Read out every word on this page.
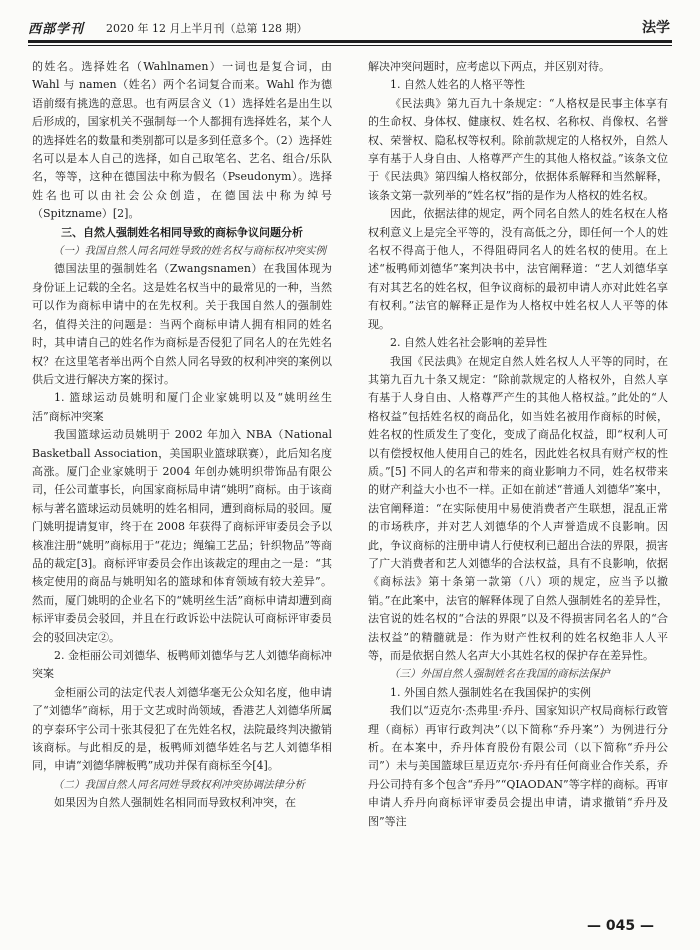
西部学刊 2020 年 12 月上半月刊（总第 128 期）	法学

的姓名。选择姓名（Wahlnamen）一词也是复合词，由 Wahl 与 namen（姓名）两个名词复合而来。Wahl 作为德语前缀有挑选的意思。也有两层含义（1）选择姓名是出生以后形成的，国家机关不强制每一个人都拥有选择姓名，某个人的选择姓名的数量和类别都可以是多到任意多个。（2）选择姓名可以是本人自己的选择，如自己取笔名、艺名、组合/乐队名，等等，这种在德国法中称为假名（Pseudonym）。选择姓名也可以由社会公众创造，在德国法中称为绰号（Spitzname）[2]。

三、自然人强制姓名相同导致的商标争议问题分析

（一）我国自然人同名同姓导致的姓名权与商标权冲突实例

德国法里的强制姓名（Zwangsnamen）在我国体现为身份证上记载的全名。这是姓名权当中的最常见的一种，当然可以作为商标申请中的在先权利。关于我国自然人的强制姓名，值得关注的问题是：当两个商标申请人拥有相同的姓名时，其申请自己的姓名作为商标是否侵犯了同名人的在先姓名权？在这里笔者举出两个自然人同名导致的权利冲突的案例以供后文进行解决方案的探讨。

1. 篮球运动员姚明和厦门企业家姚明以及“姚明丝生活”商标冲突案

我国篮球运动员姚明于 2002 年加入 NBA（National Basketball Association，美国职业篮球联赛），此后知名度高涨。厦门企业家姚明于 2004 年创办姚明织带饰品有限公司，任公司董事长，向国家商标局申请“姚明”商标。由于该商标与著名篮球运动员姚明的姓名相同，遭到商标局的驳回。厦门姚明提请复审，终于在 2008 年获得了商标评审委员会予以核准注册“姚明”商标用于“花边；绳编工艺品；针织物品”等商品的裁定[3]。商标评审委员会作出该裁定的理由之一是：“其核定使用的商品与姚明知名的篮球和体育领域有较大差异”。然而，厦门姚明的企业名下的“姚明丝生活”商标申请却遭到商标评审委员会驳回，并且在行政诉讼中法院认可商标评审委员会的驳回决定②。

2. 金柜丽公司刘德华、板鸭师刘德华与艺人刘德华商标冲突案

金柜丽公司的法定代表人刘德华毫无公众知名度，他申请了“刘德华”商标，用于文艺或时尚领域，香港艺人刘德华所属的亨泰环宇公司十张其侵犯了在先姓名权，法院最终判决撤销该商标。与此相反的是，板鸭师刘德华姓名与艺人刘德华相同，申请“刘德华牌板鸭”成功并保有商标至今[4]。

（二）我国自然人同名同姓导致权利冲突协调法律分析

如果因为自然人强制姓名相同而导致权利冲突，在

解决冲突问题时，应考虑以下两点，并区别对待。

1. 自然人姓名的人格平等性

《民法典》第九百九十条规定：“人格权是民事主体享有的生命权、身体权、健康权、姓名权、名称权、肖像权、名誉权、荣誉权、隐私权等权利。除前款规定的人格权外，自然人享有基于人身自由、人格尊严产生的其他人格权益。”该条文位于《民法典》第四编人格权部分，依据体系解释和当然解释，该条文第一款列举的“姓名权”指的是作为人格权的姓名权。

因此，依据法律的规定，两个同名自然人的姓名权在人格权利意义上是完全平等的，没有高低之分，即任何一个人的姓名权不得高于他人，不得阻碍同名人的姓名权的使用。在上述“板鸭师刘德华”案判决书中，法官阐释道：“艺人刘德华享有对其艺名的姓名权，但争议商标的最初申请人亦对此姓名享有权利。”法官的解释正是作为人格权中姓名权人人平等的体现。

2. 自然人姓名社会影响的差异性

我国《民法典》在规定自然人姓名权人人平等的同时，在其第九百九十条又规定：“除前款规定的人格权外，自然人享有基于人身自由、人格尊严产生的其他人格权益。”此处的“人格权益”包括姓名权的商品化，如当姓名被用作商标的时候，姓名权的性质发生了变化，变成了商品化权益，即“权利人可以有偿授权他人使用自己的姓名，因此姓名权具有财产权的性质。”[5] 不同人的名声和带来的商业影响力不同，姓名权带来的财产利益大小也不一样。正如在前述“普通人刘德华”案中，法官阐释道：“在实际使用中易使消费者产生联想，混乱正常的市场秩序，并对艺人刘德华的个人声誉造成不良影响。因此，争议商标的注册申请人行使权利已超出合法的界限，损害了广大消费者和艺人刘德华的合法权益，具有不良影响，依据《商标法》第十条第一款第（八）项的规定，应当予以撤销。”在此案中，法官的解释体现了自然人强制姓名的差异性，法官说的姓名权的“合法的界限”以及不得损害同名名人的“合法权益”的精髓就是：作为财产性权利的姓名权绝非人人平等，而是依据自然人名声大小其姓名权的保护存在差异性。

（三）外国自然人强制姓名在我国的商标法保护

1. 外国自然人强制姓名在我国保护的实例

我们以“迈克尔·杰弗里·乔丹、国家知识产权局商标行政管理（商标）再审行政判决”（以下简称“乔丹案”）为例进行分析。在本案中，乔丹体育股份有限公司（以下简称“乔丹公司”）未与美国篮球巨星迈克尔·乔丹有任何商业合作关系，乔丹公司持有多个包含“乔丹”“QIAODAN”等字样的商标。再审申请人乔丹向商标评审委员会提出申请，请求撤销“乔丹及图”等注

— 045 —
